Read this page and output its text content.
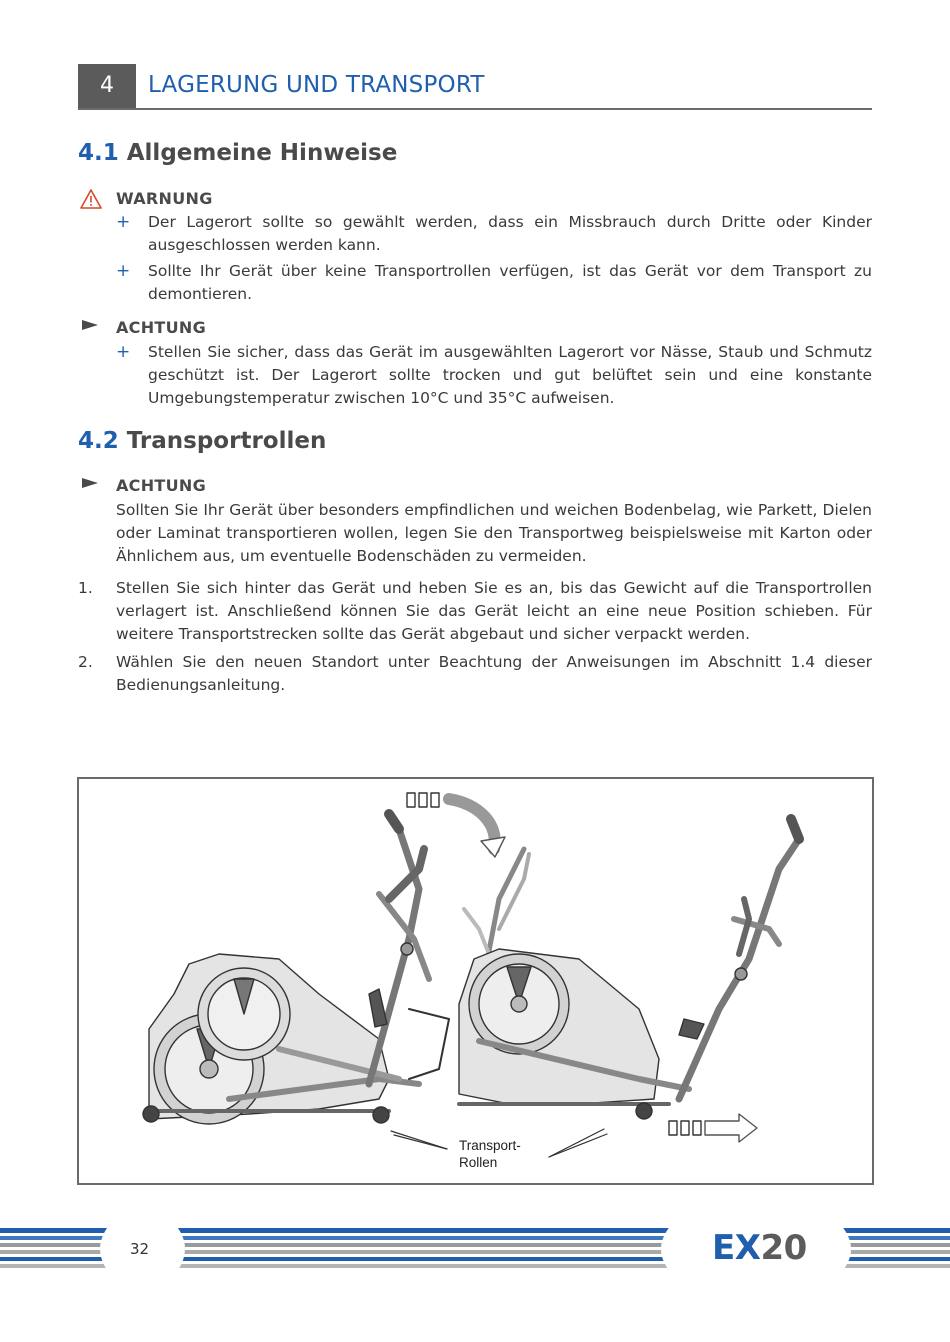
4	LAGERUNG UND TRANSPORT
4.1 Allgemeine Hinweise
WARNUNG
+ Der Lagerort sollte so gewählt werden, dass ein Missbrauch durch Dritte oder Kinder ausgeschlossen werden kann.
+ Sollte Ihr Gerät über keine Transportrollen verfügen, ist das Gerät vor dem Transport zu demontieren.
ACHTUNG
+ Stellen Sie sicher, dass das Gerät im ausgewählten Lagerort vor Nässe, Staub und Schmutz geschützt ist. Der Lagerort sollte trocken und gut belüftet sein und eine konstante Umgebungstemperatur zwischen 10°C und 35°C aufweisen.
4.2 Transportrollen
ACHTUNG
Sollten Sie Ihr Gerät über besonders empfindlichen und weichen Bodenbelag, wie Parkett, Dielen oder Laminat transportieren wollen, legen Sie den Transportweg beispielsweise mit Karton oder Ähnlichem aus, um eventuelle Bodenschäden zu vermeiden.
1. Stellen Sie sich hinter das Gerät und heben Sie es an, bis das Gewicht auf die Transportrollen verlagert ist. Anschließend können Sie das Gerät leicht an eine neue Position schieben. Für weitere Transportstrecken sollte das Gerät abgebaut und sicher verpackt werden.
2. Wählen Sie den neuen Standort unter Beachtung der Anweisungen im Abschnitt 1.4 dieser Bedienungsanleitung.
Transport-
Rollen
32	EX20
